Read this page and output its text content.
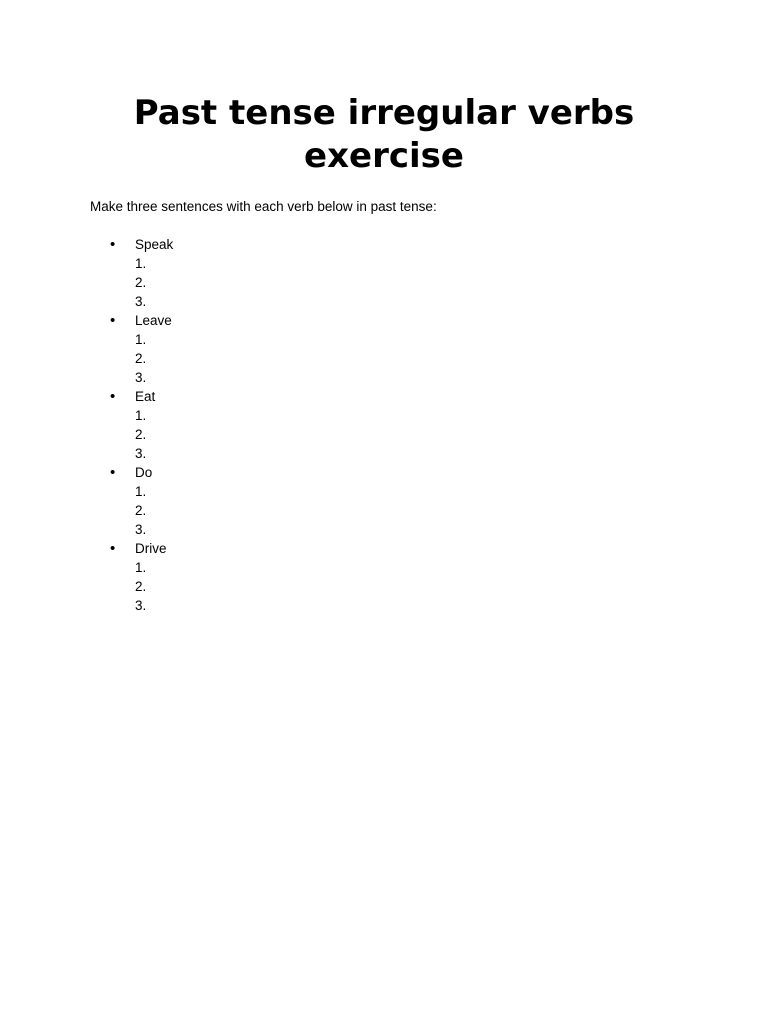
Past tense irregular verbs exercise

Make three sentences with each verb below in past tense:

•	Speak
1.
2.
3.
•	Leave
1.
2.
3.
•	Eat
1.
2.
3.
•	Do
1.
2.
3.
•	Drive
1.
2.
3.
